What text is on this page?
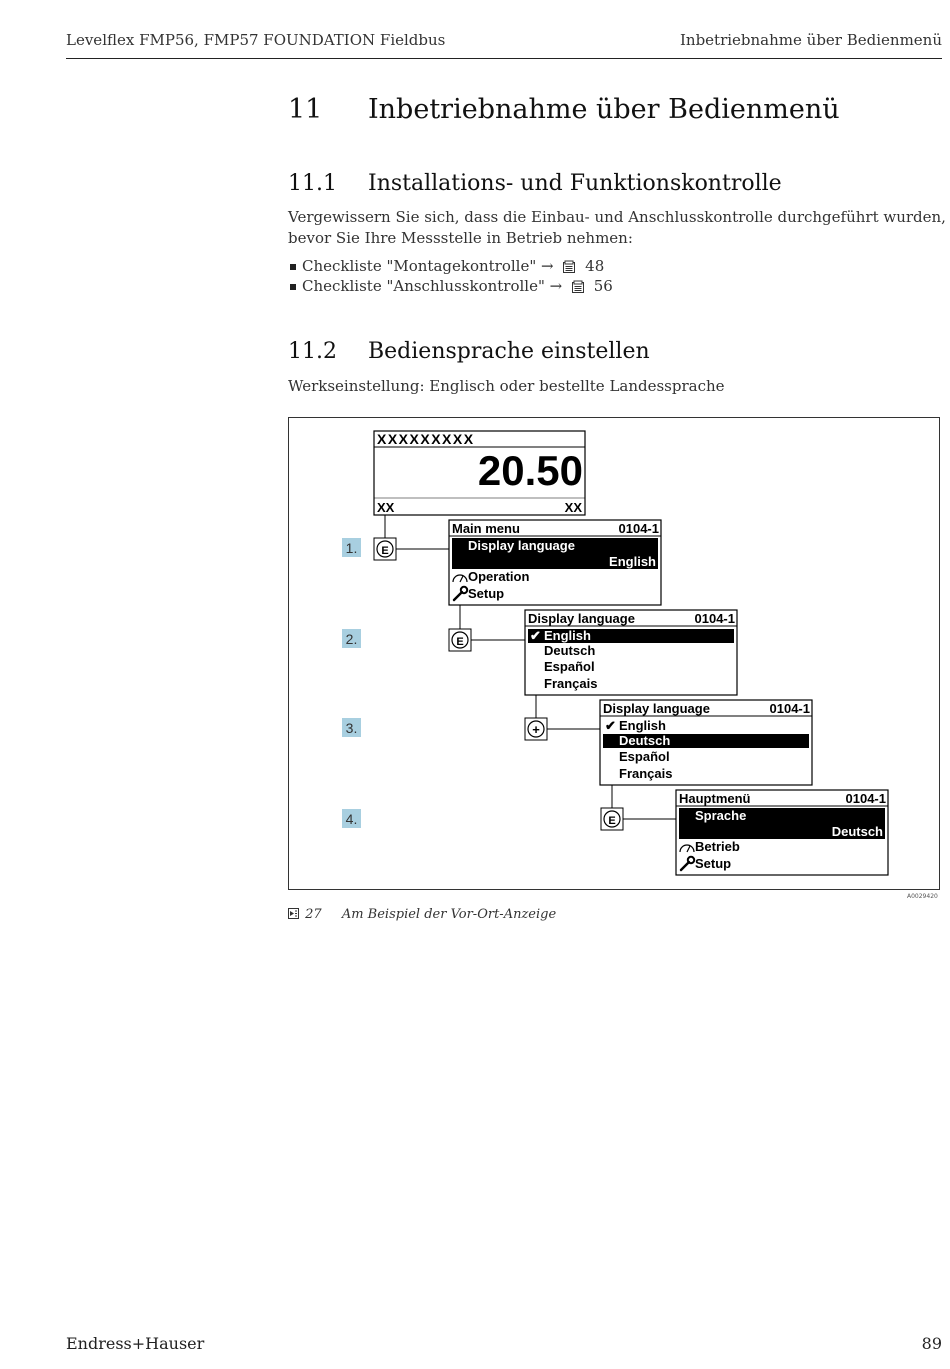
Levelflex FMP56, FMP57 FOUNDATION Fieldbus	Inbetriebnahme über Bedienmenü
11 Inbetriebnahme über Bedienmenü
11.1 Installations- und Funktionskontrolle
Vergewissern Sie sich, dass die Einbau- und Anschlusskontrolle durchgeführt wurden,
bevor Sie Ihre Messstelle in Betrieb nehmen:
Checkliste "Montagekontrolle" → 48
Checkliste "Anschlusskontrolle" → 56
11.2 Bediensprache einstellen
Werkseinstellung: Englisch oder bestellte Landessprache
XXXXXXXXX
20.50
XX	XX
1.
2.
3.
4.
E
Main menu	0104-1
Display language
English
Operation
Setup
E
Display language	0104-1
✔ English
Deutsch
Español
Français
+
Display language	0104-1
✔ English
Deutsch
Español
Français
E
Hauptmenü	0104-1
Sprache
Deutsch
Betrieb
Setup
A0029420
27 Am Beispiel der Vor-Ort-Anzeige
Endress+Hauser	89
